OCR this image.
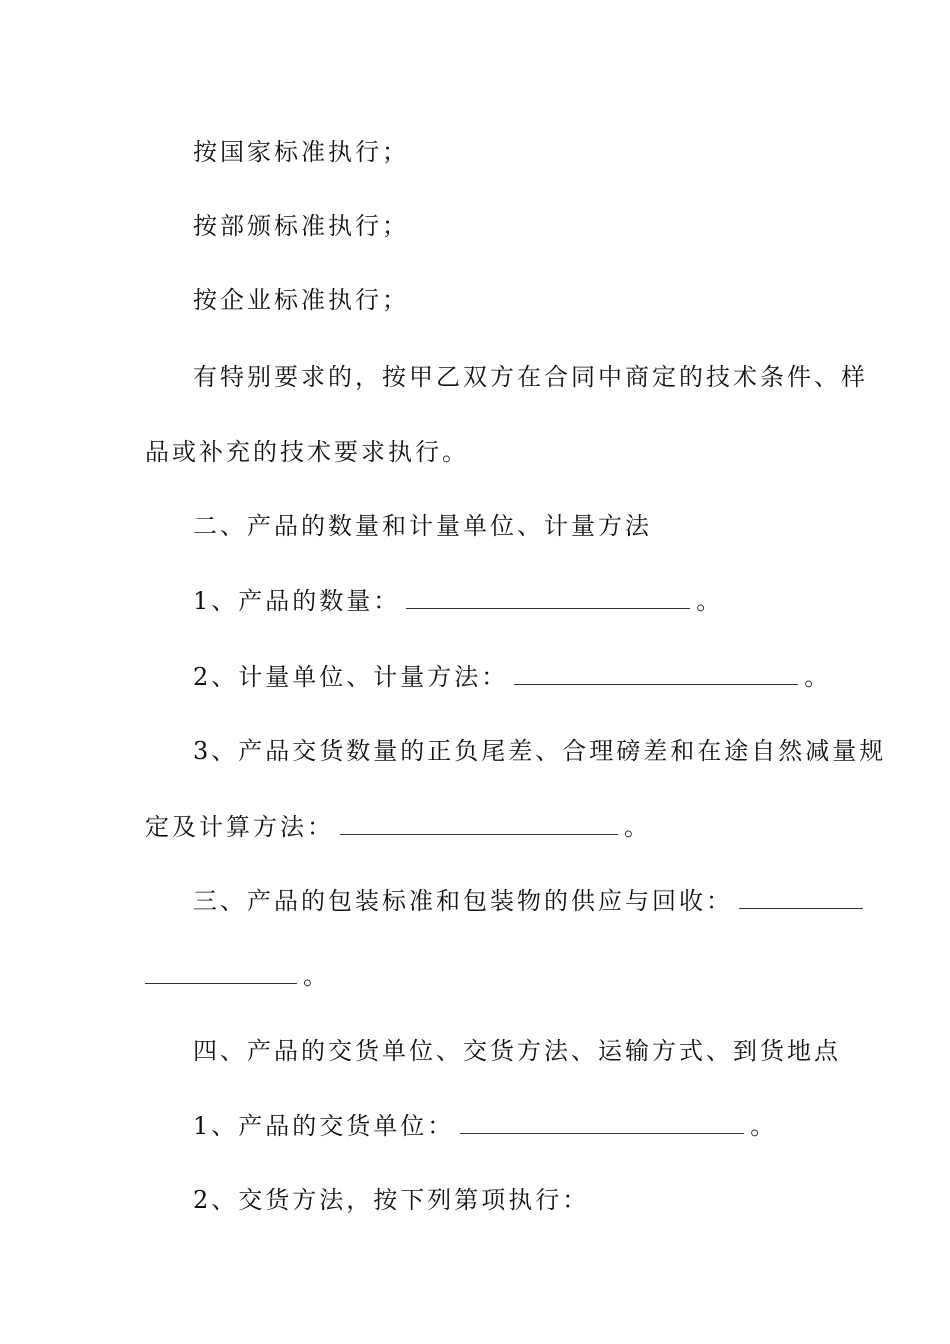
按国家标准执行；
按部颁标准执行；
按企业标准执行；
有特别要求的，按甲乙双方在合同中商定的技术条件、样
品或补充的技术要求执行。
二、产品的数量和计量单位、计量方法
1、产品的数量：	。
2、计量单位、计量方法：	。
3、产品交货数量的正负尾差、合理磅差和在途自然减量规
定及计算方法：	。
三、产品的包装标准和包装物的供应与回收：
。
四、产品的交货单位、交货方法、运输方式、到货地点
1、产品的交货单位：	。
2、交货方法，按下列第项执行：
